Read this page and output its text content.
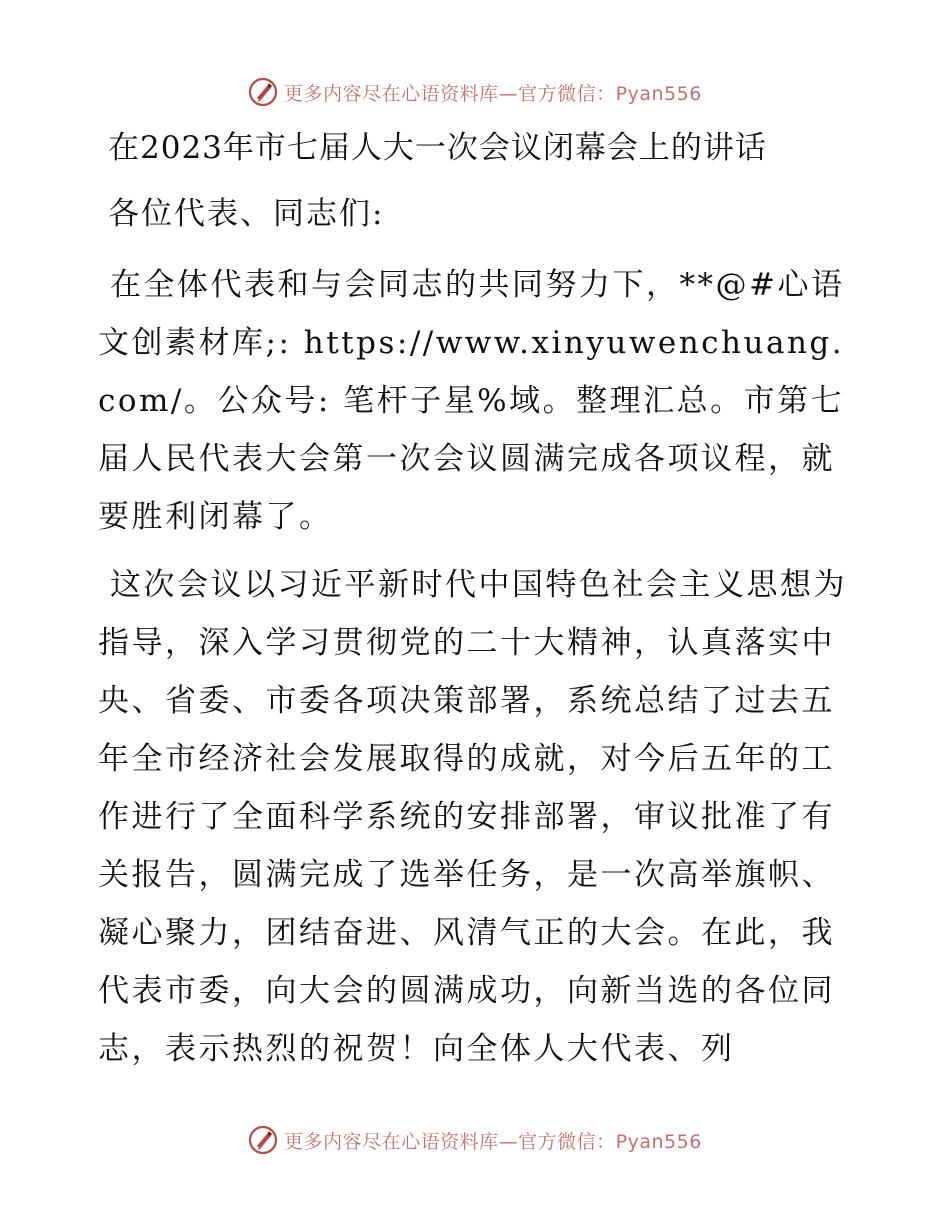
更多内容尽在心语资料库—官方微信：Pyan556
在2023年市七届人大一次会议闭幕会上的讲话
各位代表、同志们:
在全体代表和与会同志的共同努力下，**@#心语文创素材库;: https://www.xinyuwenchuang.com/。公众号: 笔杆子星%域。整理汇总。市第七届人民代表大会第一次会议圆满完成各项议程，就要胜利闭幕了。
这次会议以习近平新时代中国特色社会主义思想为指导，深入学习贯彻党的二十大精神，认真落实中央、省委、市委各项决策部署，系统总结了过去五年全市经济社会发展取得的成就，对今后五年的工作进行了全面科学系统的安排部署，审议批准了有关报告，圆满完成了选举任务，是一次高举旗帜、凝心聚力，团结奋进、风清气正的大会。在此，我代表市委，向大会的圆满成功，向新当选的各位同志，表示热烈的祝贺！向全体人大代表、列
更多内容尽在心语资料库—官方微信：Pyan556
